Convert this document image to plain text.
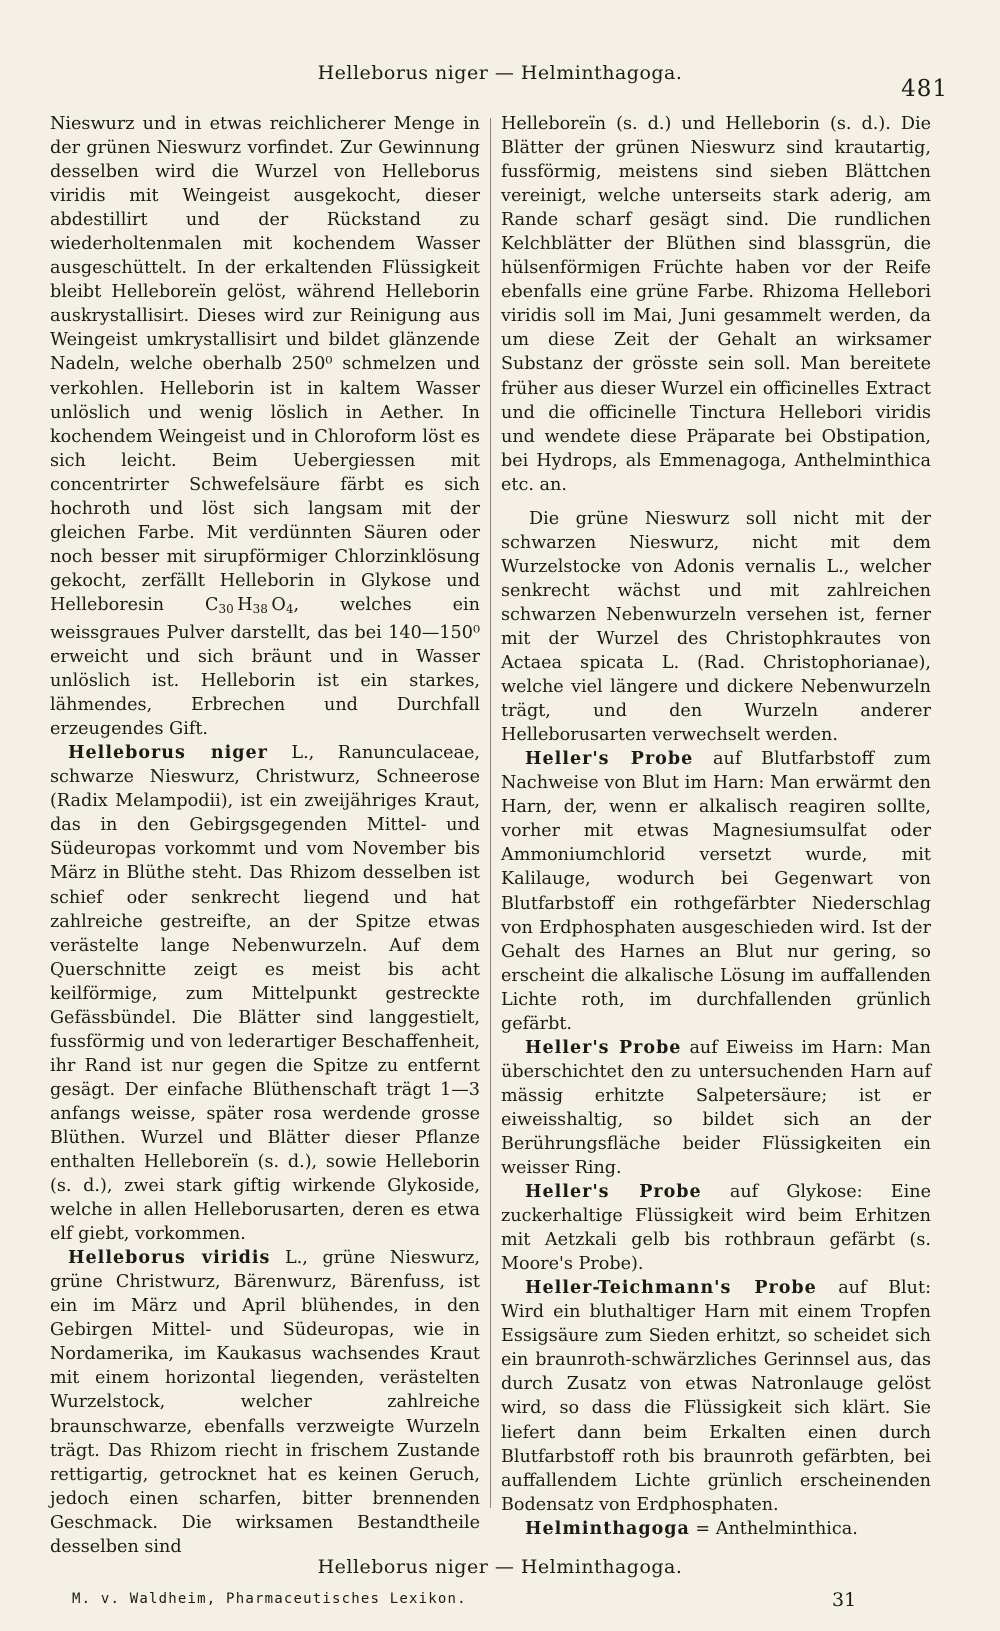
Helleborus niger — Helminthagoga.
481

Nieswurz und in etwas reichlicherer Menge in der grünen Nieswurz vorfindet. Zur Gewinnung desselben wird die Wurzel von Helleborus viridis mit Weingeist ausgekocht, dieser abdestillirt und der Rückstand zu wiederholtenmalen mit kochendem Wasser ausgeschüttelt. In der erkaltenden Flüssigkeit bleibt Helleboreïn gelöst, während Helleborin auskrystallisirt. Dieses wird zur Reinigung aus Weingeist umkrystallisirt und bildet glänzende Nadeln, welche oberhalb 250⁰ schmelzen und verkohlen. Helleborin ist in kaltem Wasser unlöslich und wenig löslich in Aether. In kochendem Weingeist und in Chloroform löst es sich leicht. Beim Uebergiessen mit concentrirter Schwefelsäure färbt es sich hochroth und löst sich langsam mit der gleichen Farbe. Mit verdünnten Säuren oder noch besser mit sirupförmiger Chlorzinklösung gekocht, zerfällt Helleborin in Glykose und Helleboresin $C_{30}$  $H_{38}$  $O_4$, welches ein weissgraues Pulver darstellt, das bei 140—150⁰ erweicht und sich bräunt und in Wasser unlöslich ist. Helleborin ist ein starkes, lähmendes, Erbrechen und Durchfall erzeugendes Gift.

Helleborus niger L., Ranunculaceae, schwarze Nieswurz, Christwurz, Schneerose (Radix Melampodii), ist ein zweijähriges Kraut, das in den Gebirgsgegenden Mittel- und Südeuropas vorkommt und vom November bis März in Blüthe steht. Das Rhizom desselben ist schief oder senkrecht liegend und hat zahlreiche gestreifte, an der Spitze etwas verästelte lange Nebenwurzeln. Auf dem Querschnitte zeigt es meist bis acht keilförmige, zum Mittelpunkt gestreckte Gefässbündel. Die Blätter sind langgestielt, fussförmig und von lederartiger Beschaffenheit, ihr Rand ist nur gegen die Spitze zu entfernt gesägt. Der einfache Blüthenschaft trägt 1—3 anfangs weisse, später rosa werdende grosse Blüthen. Wurzel und Blätter dieser Pflanze enthalten Helleboreïn (s. d.), sowie Helleborin (s. d.), zwei stark giftig wirkende Glykoside, welche in allen Helleborusarten, deren es etwa elf giebt, vorkommen.

Helleborus viridis L., grüne Nieswurz, grüne Christwurz, Bärenwurz, Bärenfuss, ist ein im März und April blühendes, in den Gebirgen Mittel- und Südeuropas, wie in Nordamerika, im Kaukasus wachsendes Kraut mit einem horizontal liegenden, verästelten Wurzelstock, welcher zahlreiche braunschwarze, ebenfalls verzweigte Wurzeln trägt. Das Rhizom riecht in frischem Zustande rettigartig, getrocknet hat es keinen Geruch, jedoch einen scharfen, bitter brennenden Geschmack. Die wirksamen Bestandtheile desselben sind

Helleboreïn (s. d.) und Helleborin (s. d.). Die Blätter der grünen Nieswurz sind krautartig, fussförmig, meistens sind sieben Blättchen vereinigt, welche unterseits stark aderig, am Rande scharf gesägt sind. Die rundlichen Kelchblätter der Blüthen sind blassgrün, die hülsenförmigen Früchte haben vor der Reife ebenfalls eine grüne Farbe. Rhizoma Hellebori viridis soll im Mai, Juni gesammelt werden, da um diese Zeit der Gehalt an wirksamer Substanz der grösste sein soll. Man bereitete früher aus dieser Wurzel ein officinelles Extract und die officinelle Tinctura Hellebori viridis und wendete diese Präparate bei Obstipation, bei Hydrops, als Emmenagoga, Anthelminthica etc. an.

Die grüne Nieswurz soll nicht mit der schwarzen Nieswurz, nicht mit dem Wurzelstocke von Adonis vernalis L., welcher senkrecht wächst und mit zahlreichen schwarzen Nebenwurzeln versehen ist, ferner mit der Wurzel des Christophkrautes von Actaea spicata L. (Rad. Christophorianae), welche viel längere und dickere Nebenwurzeln trägt, und den Wurzeln anderer Helleborusarten verwechselt werden.

Heller's Probe auf Blutfarbstoff zum Nachweise von Blut im Harn: Man erwärmt den Harn, der, wenn er alkalisch reagiren sollte, vorher mit etwas Magnesiumsulfat oder Ammoniumchlorid versetzt wurde, mit Kalilauge, wodurch bei Gegenwart von Blutfarbstoff ein rothgefärbter Niederschlag von Erdphosphaten ausgeschieden wird. Ist der Gehalt des Harnes an Blut nur gering, so erscheint die alkalische Lösung im auffallenden Lichte roth, im durchfallenden grünlich gefärbt.

Heller's Probe auf Eiweiss im Harn: Man überschichtet den zu untersuchenden Harn auf mässig erhitzte Salpetersäure; ist er eiweisshaltig, so bildet sich an der Berührungsfläche beider Flüssigkeiten ein weisser Ring.

Heller's Probe auf Glykose: Eine zuckerhaltige Flüssigkeit wird beim Erhitzen mit Aetzkali gelb bis rothbraun gefärbt (s. Moore's Probe).

Heller-Teichmann's Probe auf Blut: Wird ein bluthaltiger Harn mit einem Tropfen Essigsäure zum Sieden erhitzt, so scheidet sich ein braunroth-schwärzliches Gerinnsel aus, das durch Zusatz von etwas Natronlauge gelöst wird, so dass die Flüssigkeit sich klärt. Sie liefert dann beim Erkalten einen durch Blutfarbstoff roth bis braunroth gefärbten, bei auffallendem Lichte grünlich erscheinenden Bodensatz von Erdphosphaten.

Helminthagoga = Anthelminthica.

Helleborus niger — Helminthagoga.
M. v. Waldheim, Pharmaceutisches Lexikon.	31
